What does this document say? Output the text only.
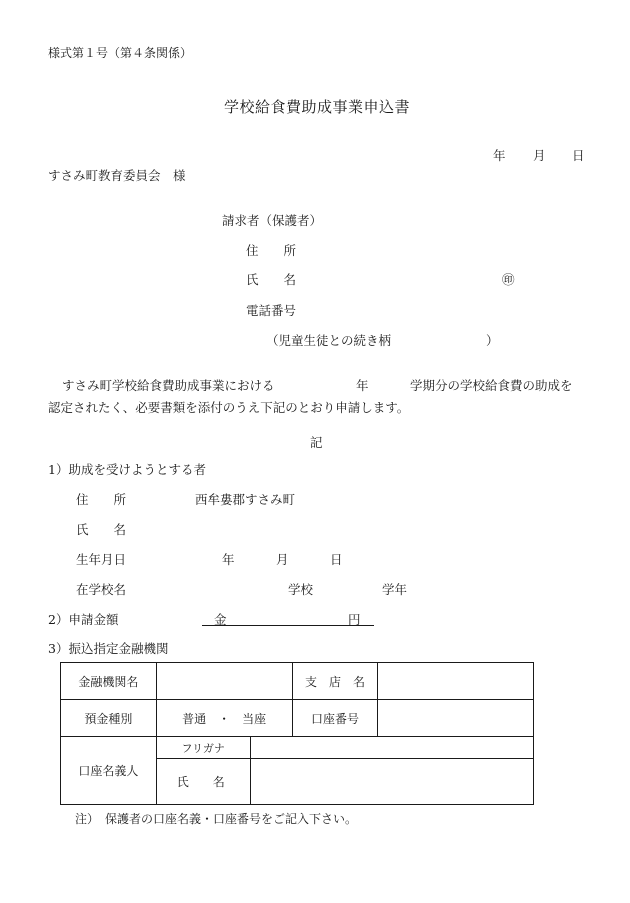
様式第１号（第４条関係）
学校給食費助成事業申込書
年 月 日
すさみ町教育委員会　様
請求者（保護者）
住　　所
氏　　名	㊞
電話番号
（児童生徒との続き柄	）
すさみ町学校給食費助成事業における	年	学期分の学校給食費の助成を
認定されたく、必要書類を添付のうえ下記のとおり申請します。
記
1）助成を受けようとする者
住　　所	西牟婁郡すさみ町
氏　　名
生年月日	年	月	日
在学校名	学校	学年
2）申請金額	金	円
3）振込指定金融機関
金融機関名			支　店　名	
預金種別	普通　・　当座		口座番号	
口座名義人	フリガナ			
	氏　　名			
注）　保護者の口座名義・口座番号をご記入下さい。
